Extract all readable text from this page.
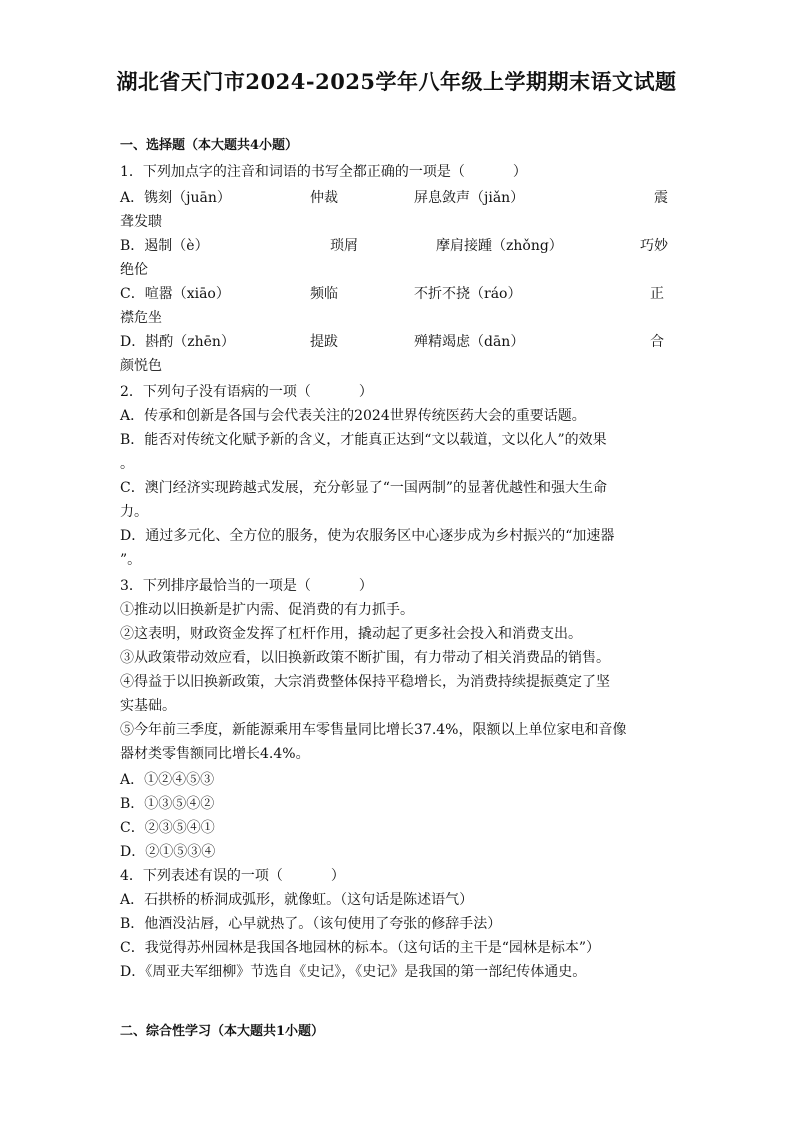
湖北省天门市2024-2025学年八年级上学期期末语文试题
一、选择题（本大题共4小题）
1．下列加点字的注音和词语的书写全都正确的一项是（	）
A．镌刻（juān）	仲裁	屏息敛声（jiǎn）	震
聋发聩
B．遏制（è）	琐屑	摩肩接踵（zhǒng）	巧妙
绝伦
C．喧嚣（xiāo）	频临	不折不挠（ráo）	正
襟危坐
D．斟酌（zhēn）	提跋	殚精竭虑（dān）	合
颜悦色
2．下列句子没有语病的一项（	）
A．传承和创新是各国与会代表关注的2024世界传统医药大会的重要话题。
B．能否对传统文化赋予新的含义，才能真正达到“文以载道，文以化人”的效果
。
C．澳门经济实现跨越式发展，充分彰显了“一国两制”的显著优越性和强大生命
力。
D．通过多元化、全方位的服务，使为农服务区中心逐步成为乡村振兴的“加速器
”。
3．下列排序最恰当的一项是（	）
①推动以旧换新是扩内需、促消费的有力抓手。
②这表明，财政资金发挥了杠杆作用，撬动起了更多社会投入和消费支出。
③从政策带动效应看，以旧换新政策不断扩围，有力带动了相关消费品的销售。
④得益于以旧换新政策，大宗消费整体保持平稳增长，为消费持续提振奠定了坚
实基础。
⑤今年前三季度，新能源乘用车零售量同比增长37.4%，限额以上单位家电和音像
器材类零售额同比增长4.4%。
A．①②④⑤③
B．①③⑤④②
C．②③⑤④①
D．②①⑤③④
4．下列表述有误的一项（	）
A．石拱桥的桥洞成弧形，就像虹。（这句话是陈述语气）
B．他酒没沾唇，心早就热了。（该句使用了夸张的修辞手法）
C．我觉得苏州园林是我国各地园林的标本。（这句话的主干是“园林是标本”）
D．《周亚夫军细柳》节选自《史记》，《史记》是我国的第一部纪传体通史。
二、综合性学习（本大题共1小题）
